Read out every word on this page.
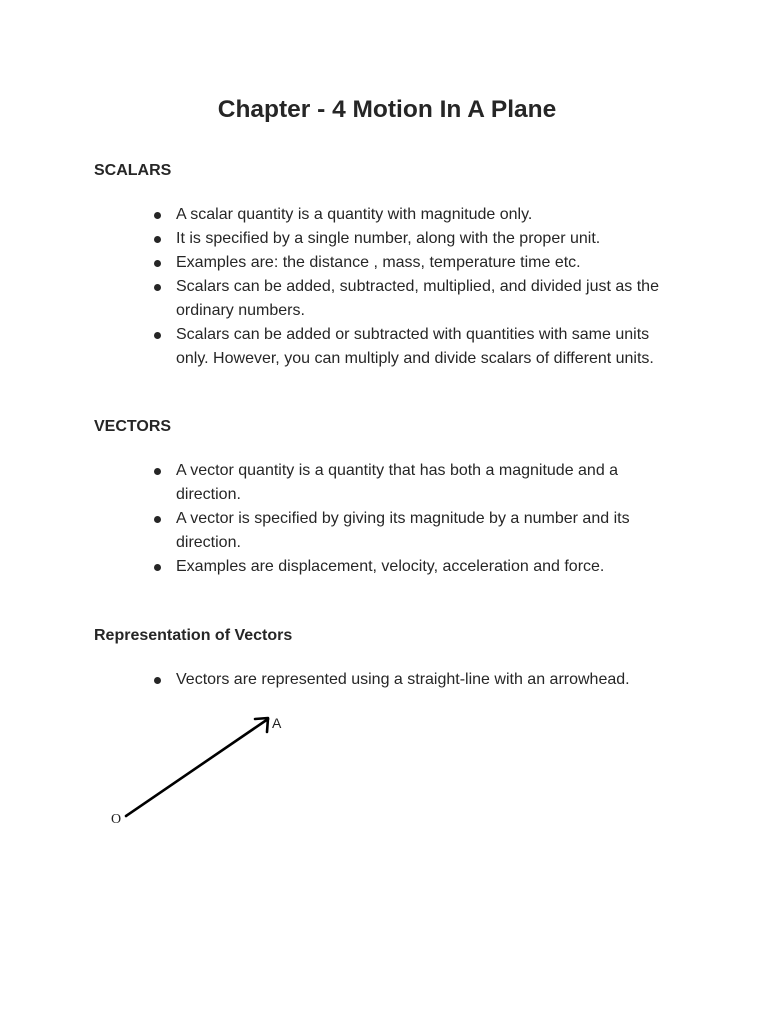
Chapter - 4 Motion In A Plane
SCALARS
A scalar quantity is a quantity with magnitude only.
It is specified by a single number, along with the proper unit.
Examples are: the distance , mass, temperature time etc.
Scalars can be added, subtracted, multiplied, and divided just as the ordinary numbers.
Scalars can be added or subtracted with quantities with same units only. However, you can multiply and divide scalars of different units.
VECTORS
A vector quantity is a quantity that has both a magnitude and a direction.
A vector is specified by giving its magnitude by a number and its direction.
Examples are displacement, velocity, acceleration and force.
Representation of Vectors
Vectors are represented using a straight-line with an arrowhead.
O
A
